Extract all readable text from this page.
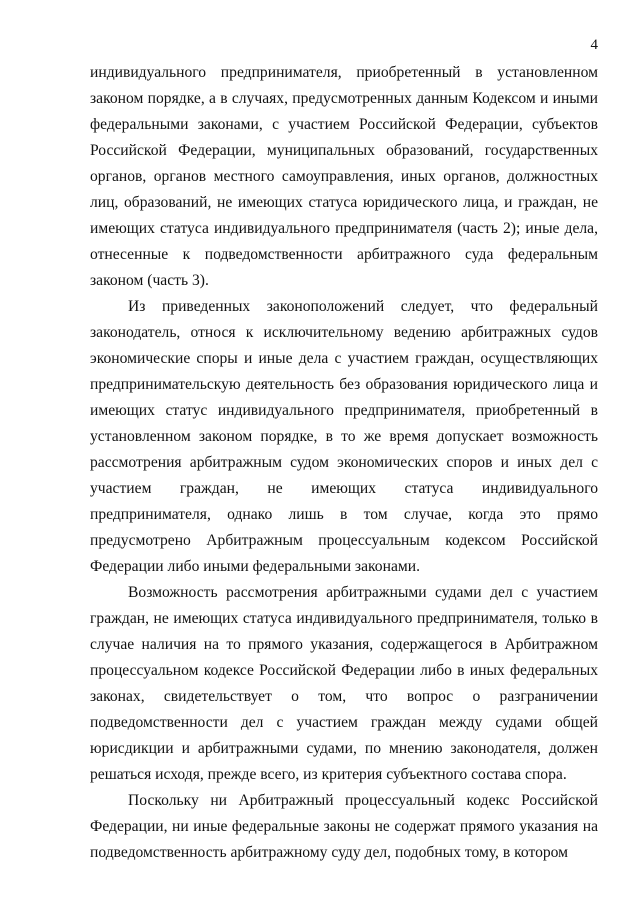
4

индивидуального предпринимателя, приобретенный в установленном законом порядке, а в случаях, предусмотренных данным Кодексом и иными федеральными законами, с участием Российской Федерации, субъектов Российской Федерации, муниципальных образований, государственных органов, органов местного самоуправления, иных органов, должностных лиц, образований, не имеющих статуса юридического лица, и граждан, не имеющих статуса индивидуального предпринимателя (часть 2); иные дела, отнесенные к подведомственности арбитражного суда федеральным законом (часть 3).

Из приведенных законоположений следует, что федеральный законодатель, относя к исключительному ведению арбитражных судов экономические споры и иные дела с участием граждан, осуществляющих предпринимательскую деятельность без образования юридического лица и имеющих статус индивидуального предпринимателя, приобретенный в установленном законом порядке, в то же время допускает возможность рассмотрения арбитражным судом экономических споров и иных дел с участием граждан, не имеющих статуса индивидуального предпринимателя, однако лишь в том случае, когда это прямо предусмотрено Арбитражным процессуальным кодексом Российской Федерации либо иными федеральными законами.

Возможность рассмотрения арбитражными судами дел с участием граждан, не имеющих статуса индивидуального предпринимателя, только в случае наличия на то прямого указания, содержащегося в Арбитражном процессуальном кодексе Российской Федерации либо в иных федеральных законах, свидетельствует о том, что вопрос о разграничении подведомственности дел с участием граждан между судами общей юрисдикции и арбитражными судами, по мнению законодателя, должен решаться исходя, прежде всего, из критерия субъектного состава спора.

Поскольку ни Арбитражный процессуальный кодекс Российской Федерации, ни иные федеральные законы не содержат прямого указания на подведомственность арбитражному суду дел, подобных тому, в котором
